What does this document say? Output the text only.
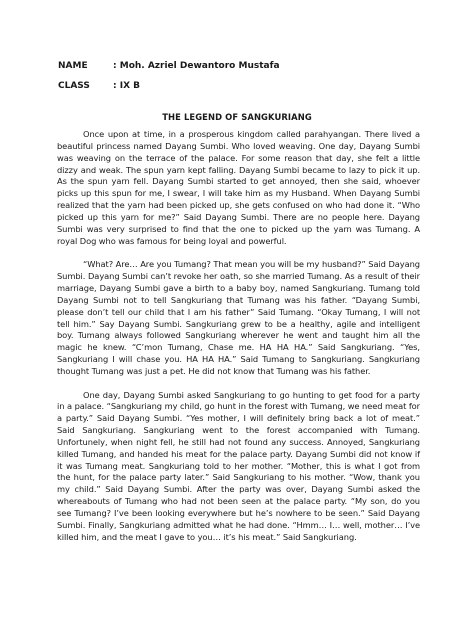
NAME	: Moh. Azriel Dewantoro Mustafa
CLASS	: IX B
THE LEGEND OF SANGKURIANG

Once upon at time, in a prosperous kingdom called parahyangan. There lived a beautiful princess named Dayang Sumbi. Who loved weaving. One day, Dayang Sumbi was weaving on the terrace of the palace. For some reason that day, she felt a little dizzy and weak. The spun yarn kept falling. Dayang Sumbi became to lazy to pick it up. As the spun yarn fell. Dayang Sumbi started to get annoyed, then she said, whoever picks up this spun for me, I swear, I will take him as my Husband. When Dayang Sumbi realized that the yarn had been picked up, she gets confused on who had done it. “Who picked up this yarn for me?” Said Dayang Sumbi. There are no people here. Dayang Sumbi was very surprised to find that the one to picked up the yarn was Tumang. A royal Dog who was famous for being loyal and powerful.

“What? Are… Are you Tumang? That mean you will be my husband?” Said Dayang Sumbi. Dayang Sumbi can’t revoke her oath, so she married Tumang. As a result of their marriage, Dayang Sumbi gave a birth to a baby boy, named Sangkuriang. Tumang told Dayang Sumbi not to tell Sangkuriang that Tumang was his father. “Dayang Sumbi, please don’t tell our child that I am his father” Said Tumang. “Okay Tumang, I will not tell him.” Say Dayang Sumbi. Sangkuriang grew to be a healthy, agile and intelligent boy. Tumang always followed Sangkuriang wherever he went and taught him all the magic he knew. “C’mon Tumang, Chase me. HA HA HA.” Said Sangkuriang. “Yes, Sangkuriang I will chase you. HA HA HA.” Said Tumang to Sangkuriang. Sangkuriang thought Tumang was just a pet. He did not know that Tumang was his father.

One day, Dayang Sumbi asked Sangkuriang to go hunting to get food for a party in a palace. “Sangkuriang my child, go hunt in the forest with Tumang, we need meat for a party.” Said Dayang Sumbi. “Yes mother, I will definitely bring back a lot of meat.” Said Sangkuriang. Sangkuriang went to the forest accompanied with Tumang. Unfortunely, when night fell, he still had not found any success. Annoyed, Sangkuriang killed Tumang, and handed his meat for the palace party. Dayang Sumbi did not know if it was Tumang meat. Sangkuriang told to her mother. “Mother, this is what I got from the hunt, for the palace party later.” Said Sangkuriang to his mother. “Wow, thank you my child.” Said Dayang Sumbi. After the party was over, Dayang Sumbi asked the whereabouts of Tumang who had not been seen at the palace party. “My son, do you see Tumang? I’ve been looking everywhere but he’s nowhere to be seen.” Said Dayang Sumbi. Finally, Sangkuriang admitted what he had done. “Hmm… I… well, mother… I’ve killed him, and the meat I gave to you… it’s his meat.” Said Sangkuriang.
